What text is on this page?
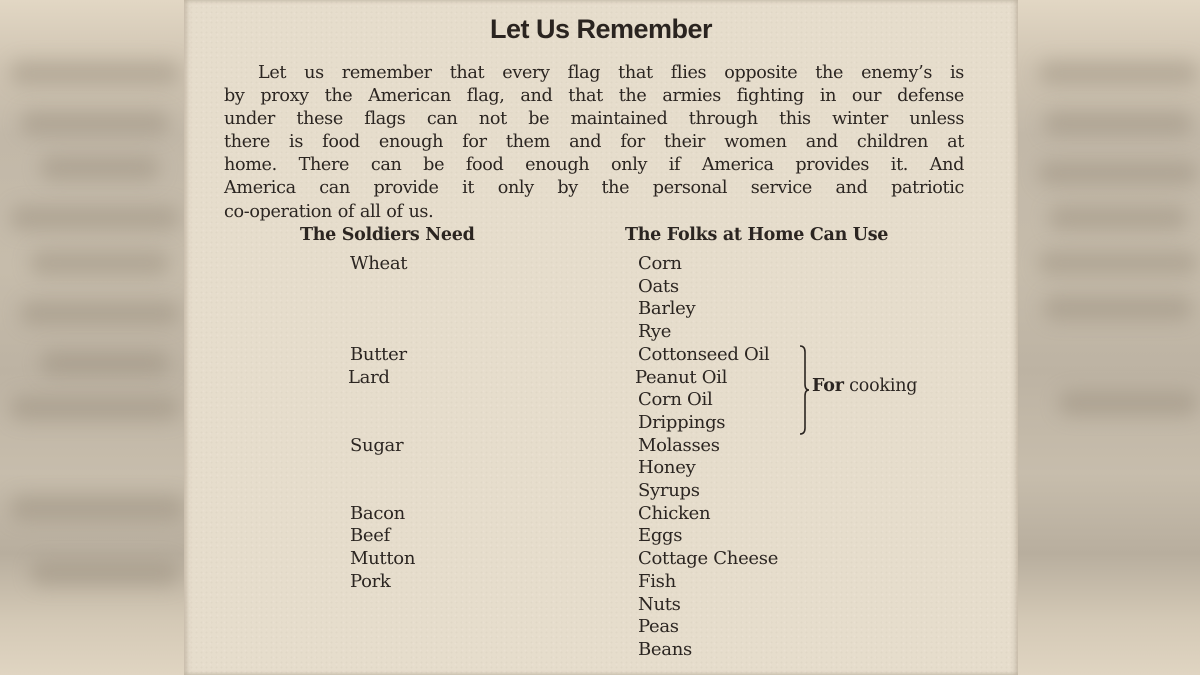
Let Us Remember
Let us remember that every flag that flies opposite the enemy’s is
by proxy the American flag, and that the armies fighting in our defense
under these flags can not be maintained through this winter unless
there is food enough for them and for their women and children at
home. There can be food enough only if America provides it. And
America can provide it only by the personal service and patriotic
co-operation of all of us.
The Soldiers Need	The Folks at Home Can Use
For cooking
Corn
Oats
Barley
Rye
Cottonseed Oil
Peanut Oil
Corn Oil
Drippings
Molasses
Honey
Syrups
Chicken
Eggs
Cottage Cheese
Fish
Nuts
Peas
Beans
Wheat
Butter
Lard
Sugar
Bacon
Beef
Mutton
Pork
